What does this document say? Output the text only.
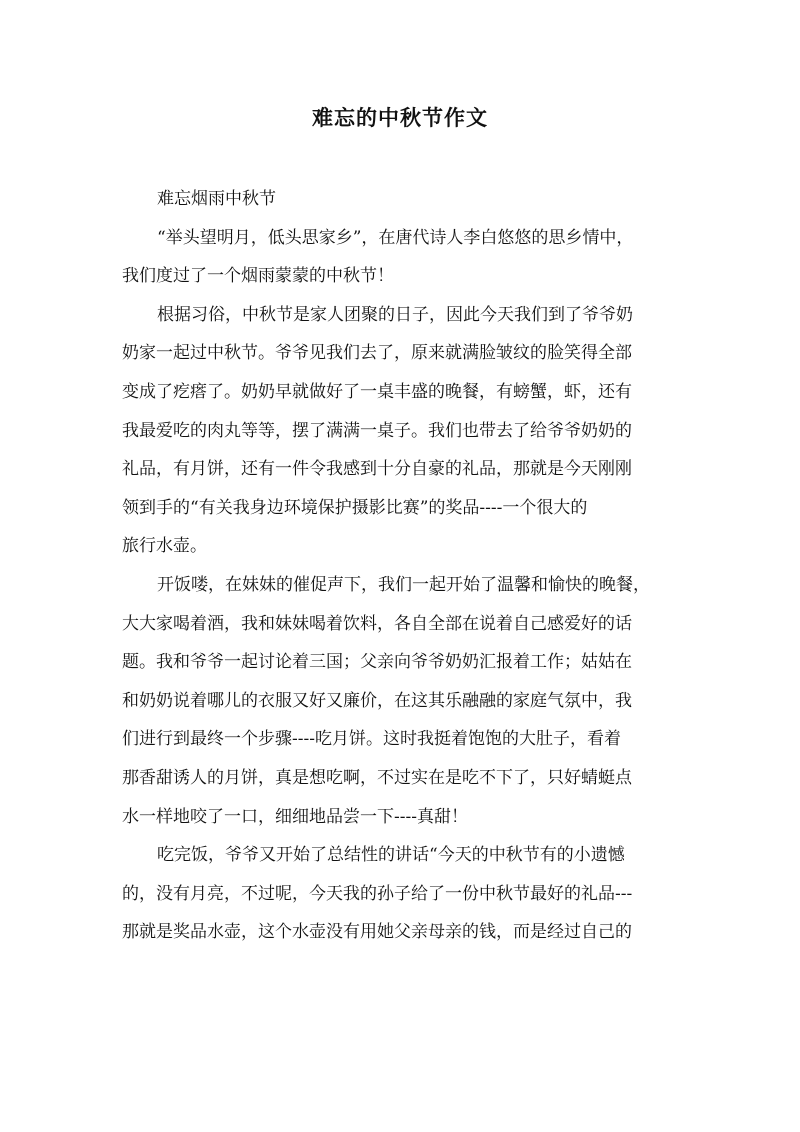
难忘的中秋节作文
难忘烟雨中秋节
“举头望明月，低头思家乡”，在唐代诗人李白悠悠的思乡情中，
我们度过了一个烟雨蒙蒙的中秋节！
根据习俗，中秋节是家人团聚的日子，因此今天我们到了爷爷奶
奶家一起过中秋节。爷爷见我们去了，原来就满脸皱纹的脸笑得全部
变成了疙瘩了。奶奶早就做好了一桌丰盛的晚餐，有螃蟹，虾，还有
我最爱吃的肉丸等等，摆了满满一桌子。我们也带去了给爷爷奶奶的
礼品，有月饼，还有一件令我感到十分自豪的礼品，那就是今天刚刚
领到手的“有关我身边环境保护摄影比赛”的奖品----一个很大的
旅行水壶。
开饭喽，在妹妹的催促声下，我们一起开始了温馨和愉快的晚餐，
大大家喝着酒，我和妹妹喝着饮料，各自全部在说着自己感爱好的话
题。我和爷爷一起讨论着三国；父亲向爷爷奶奶汇报着工作；姑姑在
和奶奶说着哪儿的衣服又好又廉价，在这其乐融融的家庭气氛中，我
们进行到最终一个步骤----吃月饼。这时我挺着饱饱的大肚子，看着
那香甜诱人的月饼，真是想吃啊，不过实在是吃不下了，只好蜻蜓点
水一样地咬了一口，细细地品尝一下----真甜！
吃完饭，爷爷又开始了总结性的讲话“今天的中秋节有的小遗憾
的，没有月亮，不过呢，今天我的孙子给了一份中秋节最好的礼品---
那就是奖品水壶，这个水壶没有用她父亲母亲的钱，而是经过自己的
